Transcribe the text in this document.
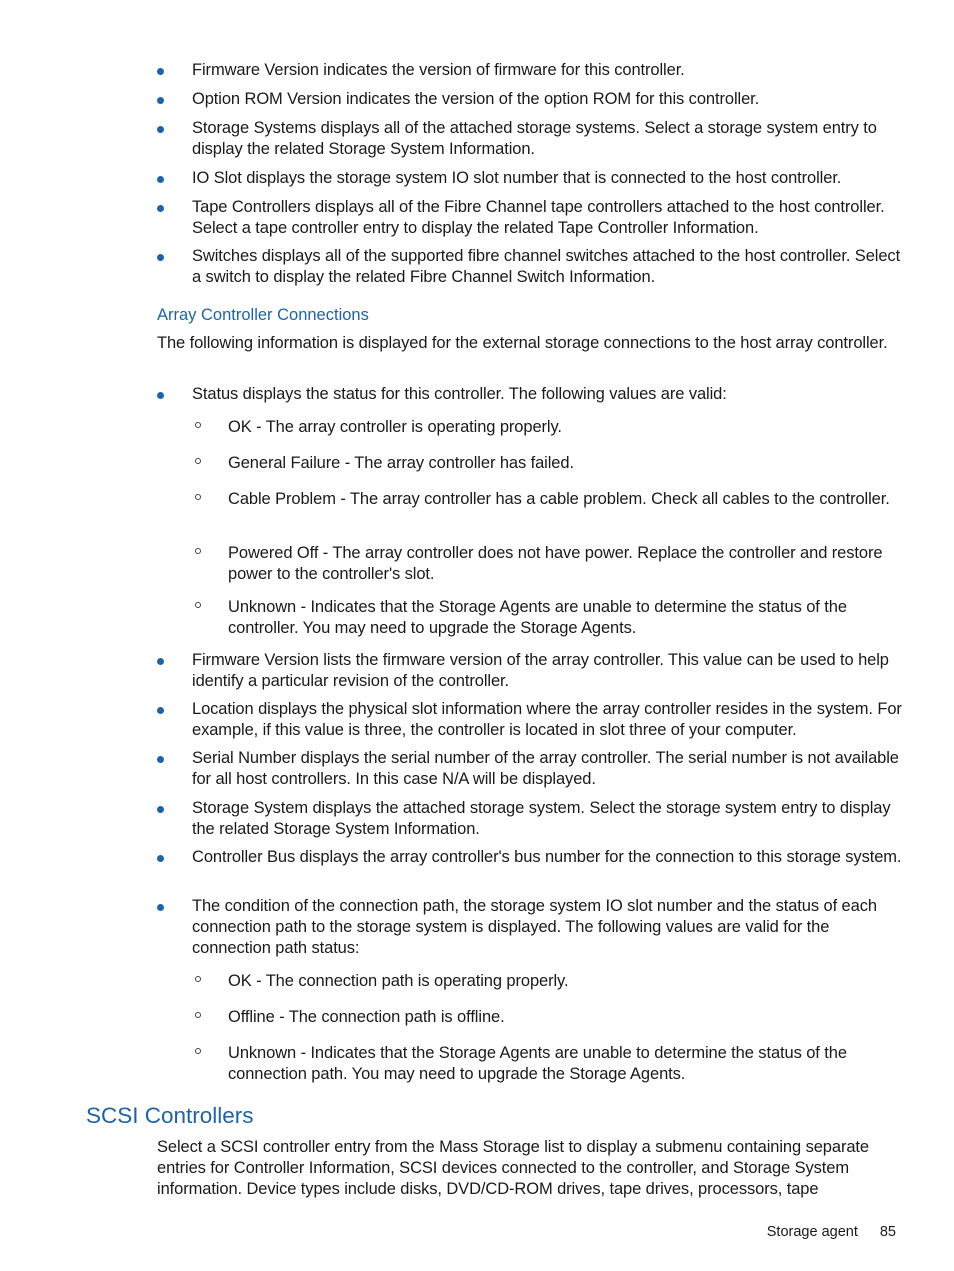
Firmware Version indicates the version of firmware for this controller.
Option ROM Version indicates the version of the option ROM for this controller.
Storage Systems displays all of the attached storage systems. Select a storage system entry to display the related Storage System Information.
IO Slot displays the storage system IO slot number that is connected to the host controller.
Tape Controllers displays all of the Fibre Channel tape controllers attached to the host controller. Select a tape controller entry to display the related Tape Controller Information.
Switches displays all of the supported fibre channel switches attached to the host controller. Select a switch to display the related Fibre Channel Switch Information.
Array Controller Connections
The following information is displayed for the external storage connections to the host array controller.
Status displays the status for this controller. The following values are valid:
OK - The array controller is operating properly.
General Failure - The array controller has failed.
Cable Problem - The array controller has a cable problem. Check all cables to the controller.
Powered Off - The array controller does not have power. Replace the controller and restore power to the controller's slot.
Unknown - Indicates that the Storage Agents are unable to determine the status of the controller. You may need to upgrade the Storage Agents.
Firmware Version lists the firmware version of the array controller. This value can be used to help identify a particular revision of the controller.
Location displays the physical slot information where the array controller resides in the system. For example, if this value is three, the controller is located in slot three of your computer.
Serial Number displays the serial number of the array controller. The serial number is not available for all host controllers. In this case N/A will be displayed.
Storage System displays the attached storage system. Select the storage system entry to display the related Storage System Information.
Controller Bus displays the array controller's bus number for the connection to this storage system.
The condition of the connection path, the storage system IO slot number and the status of each connection path to the storage system is displayed. The following values are valid for the connection path status:
OK - The connection path is operating properly.
Offline - The connection path is offline.
Unknown - Indicates that the Storage Agents are unable to determine the status of the connection path. You may need to upgrade the Storage Agents.
SCSI Controllers
Select a SCSI controller entry from the Mass Storage list to display a submenu containing separate entries for Controller Information, SCSI devices connected to the controller, and Storage System information. Device types include disks, DVD/CD-ROM drives, tape drives, processors, tape
Storage agent 85
